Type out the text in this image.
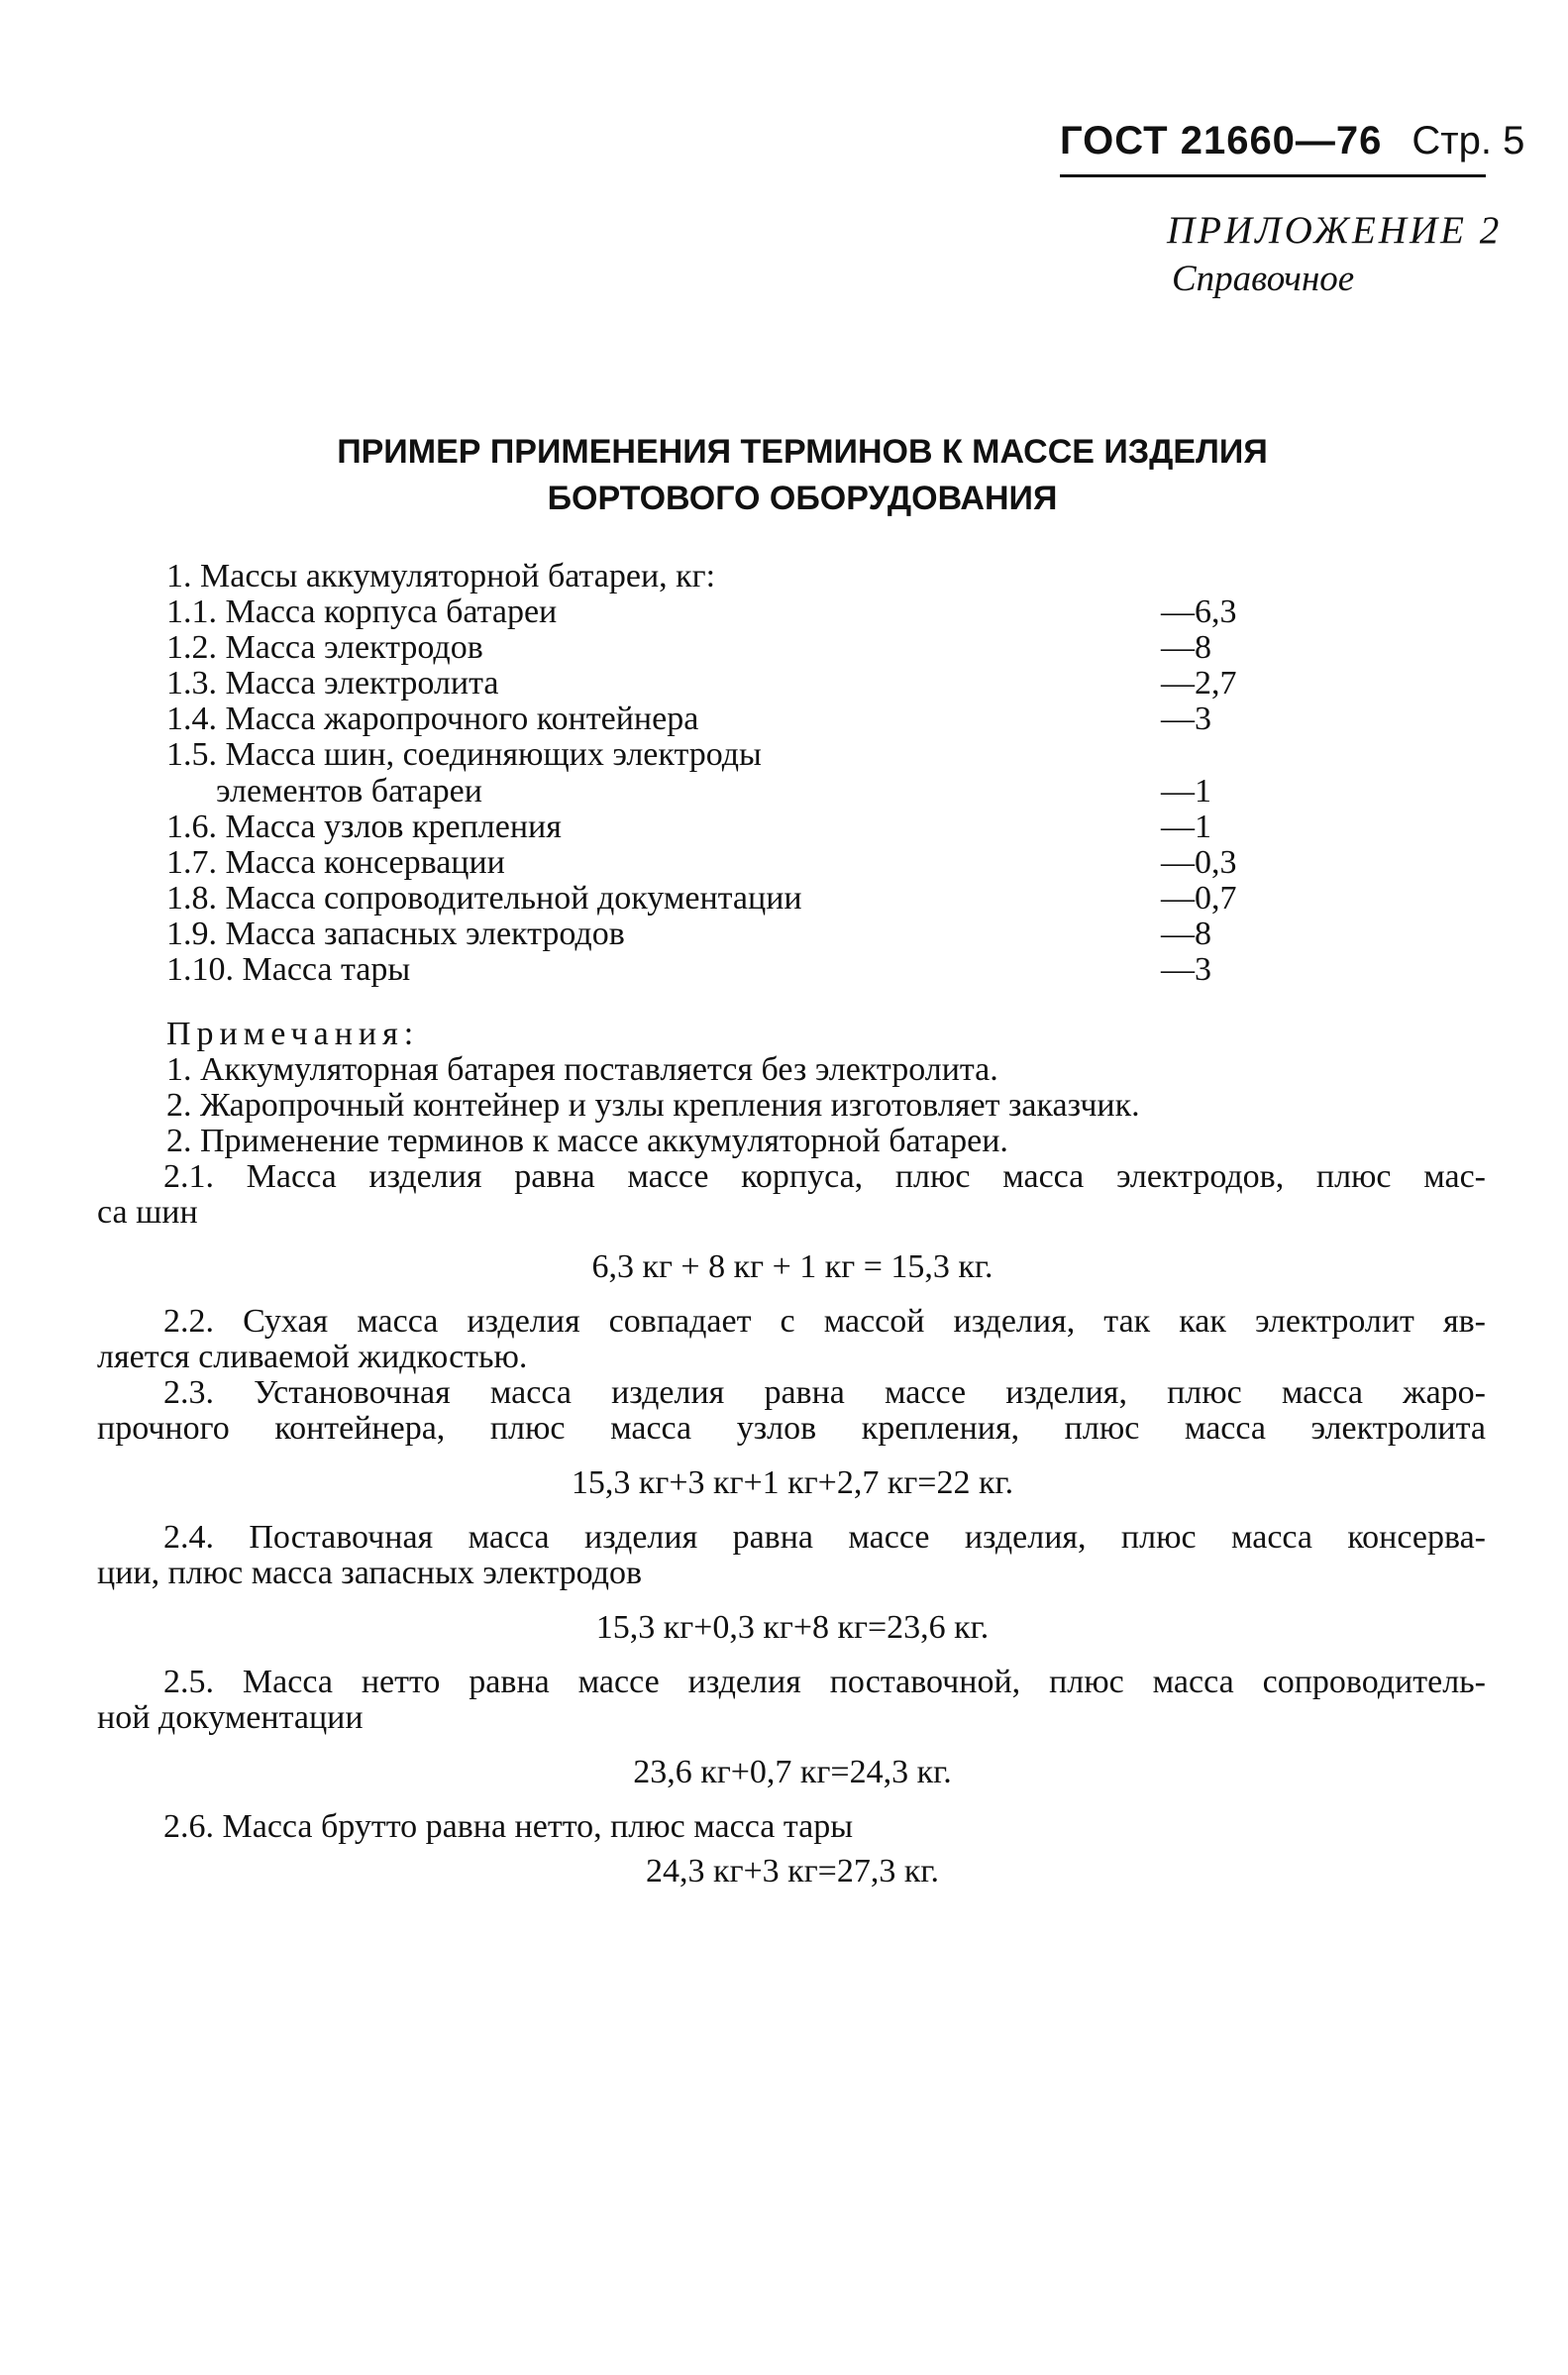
ГОСТ 21660—76 Стр. 5
ПРИЛОЖЕНИЕ 2
Справочное
ПРИМЕР ПРИМЕНЕНИЯ ТЕРМИНОВ К МАССЕ ИЗДЕЛИЯ
БОРТОВОГО ОБОРУДОВАНИЯ
1. Массы аккумуляторной батареи, кг:
1.1. Масса корпуса батареи	—6,3
1.2. Масса электродов	—8
1.3. Масса электролита	—2,7
1.4. Масса жаропрочного контейнера	—3
1.5. Масса шин, соединяющих электроды
элементов батареи	—1
1.6. Масса узлов крепления	—1
1.7. Масса консервации	—0,3
1.8. Масса сопроводительной документации	—0,7
1.9. Масса запасных электродов	—8
1.10. Масса тары	—3
Примечания:
1. Аккумуляторная батарея поставляется без электролита.
2. Жаропрочный контейнер и узлы крепления изготовляет заказчик.
2. Применение терминов к массе аккумуляторной батареи.
2.1. Масса изделия равна массе корпуса, плюс масса электродов, плюс мас-
са шин
6,3 кг + 8 кг + 1 кг = 15,3 кг.
2.2. Сухая масса изделия совпадает с массой изделия, так как электролит яв-
ляется сливаемой жидкостью.
2.3. Установочная масса изделия равна массе изделия, плюс масса жаро-
прочного контейнера, плюс масса узлов крепления, плюс масса электролита
15,3 кг+3 кг+1 кг+2,7 кг=22 кг.
2.4. Поставочная масса изделия равна массе изделия, плюс масса консерва-
ции, плюс масса запасных электродов
15,3 кг+0,3 кг+8 кг=23,6 кг.
2.5. Масса нетто равна массе изделия поставочной, плюс масса сопроводитель-
ной документации
23,6 кг+0,7 кг=24,3 кг.
2.6. Масса брутто равна нетто, плюс масса тары
24,3 кг+3 кг=27,3 кг.
